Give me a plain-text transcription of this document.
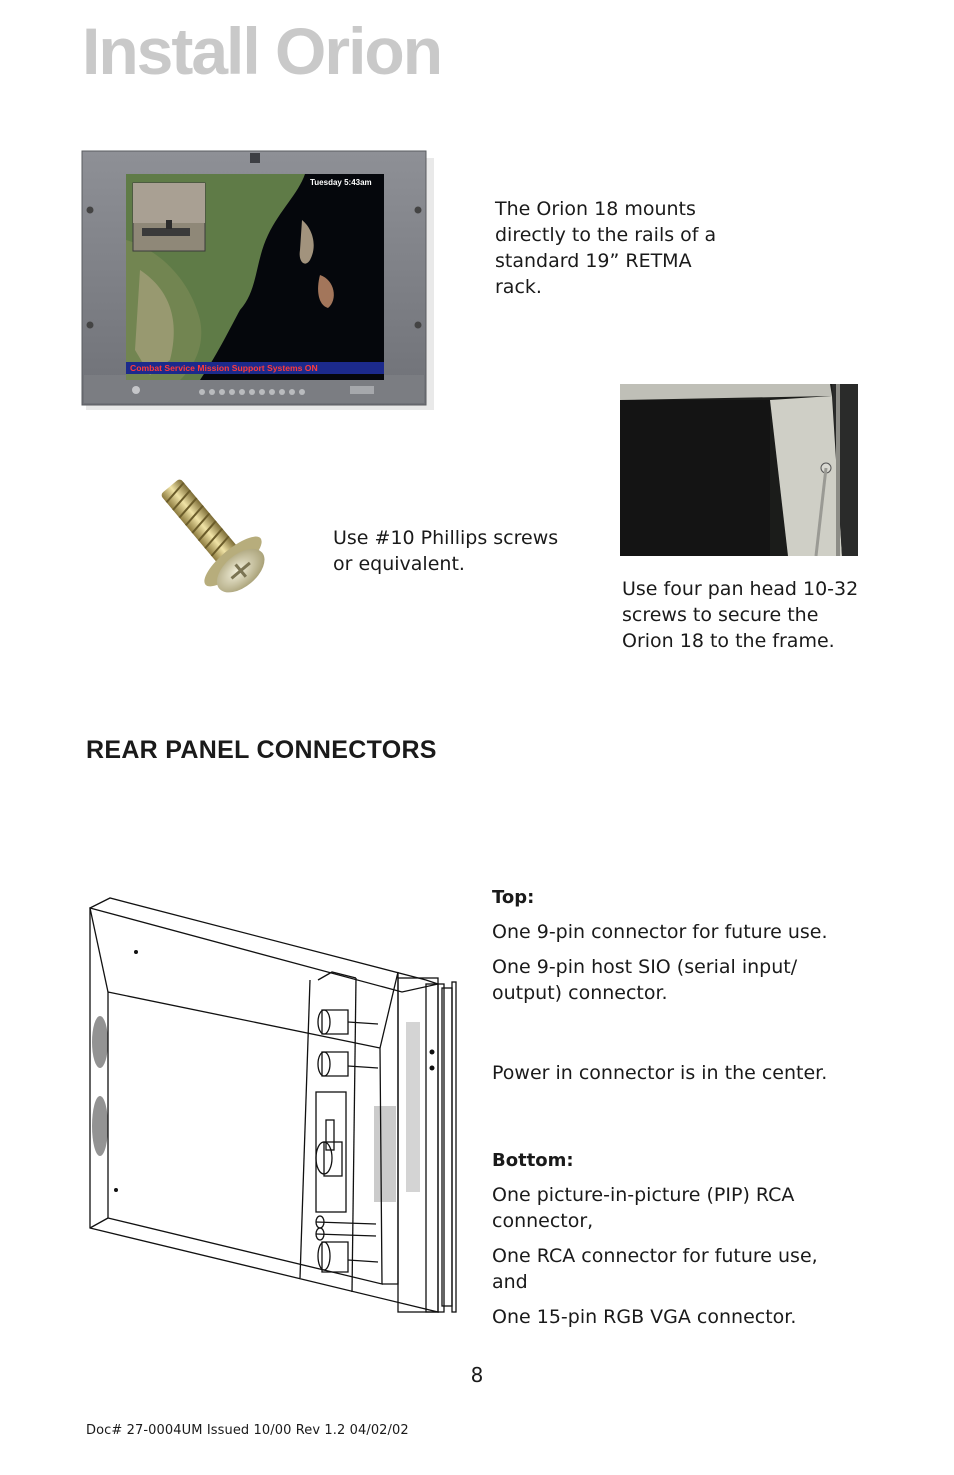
Install Orion
Tuesday 5:43am
Combat Service Mission Support Systems ON
The Orion 18 mounts directly to the rails of a standard 19” RETMA rack.
Use #10 Phillips screws or equivalent.
Use four pan head 10-32 screws to secure the Orion 18 to the frame.
REAR PANEL CONNECTORS
Top:

One 9-pin connector for future use.

One 9-pin host SIO (serial input/ output) connector.

Power in connector is in the center.

Bottom:

One picture-in-picture (PIP) RCA connector,

One RCA connector for future use, and

One 15-pin RGB VGA connector.

8
Doc# 27-0004UM Issued 10/00 Rev 1.2 04/02/02
